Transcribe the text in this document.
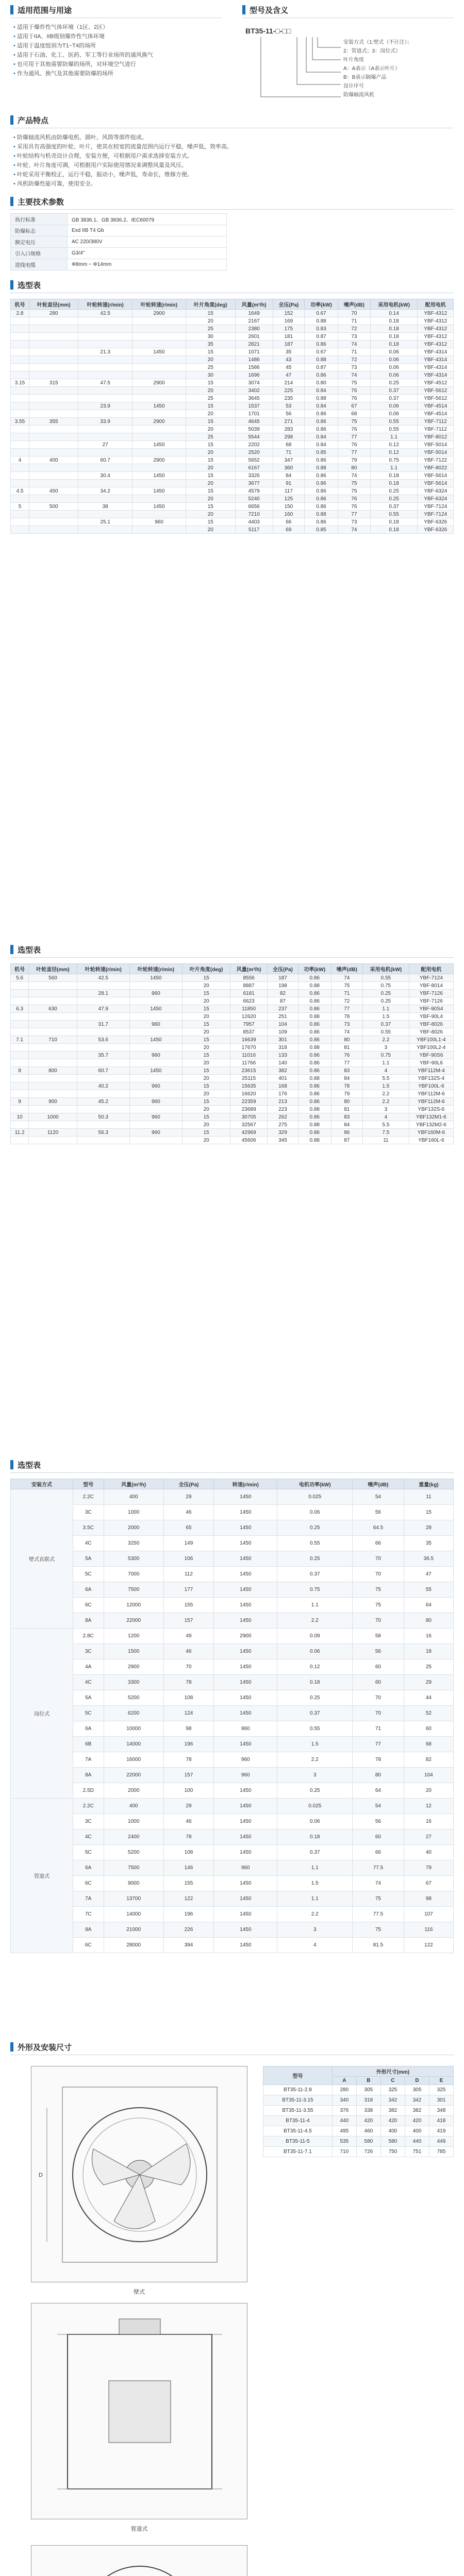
适用范围与用途
• 适用于爆炸性气体环境（1区、2区）
• 适用于IIA、IIB级别爆炸性气体环境
• 适用于温度组别为T1~T4的场所
• 适用于石油、化工、医药、军工等行业场所的通风换气
• 也可用于其他需要防爆的场所，对环境空气进行
• 作为通风、换气及其他需要防爆的场所
型号及含义
BT35-11-□-□□
安装方式（1:壁式（不计注）；
2：管道式；3：岗位式）
叶片角度
A：A表示（A表示叶片）
B：B表示隔爆产品
设计序号
防爆轴流风机
产品特点
• 防爆轴流风机由防爆电机、圆叶、风筒等部件组成。
• 采用具有高强度的叶轮、叶片，使其在较宽的流量范围内运行平稳，噪声低，效率高。
• 叶轮结构与机壳设计合理，安装方便，可根据用户需求选择安装方式。
• 叶轮、叶片角度可调，可根据用户实际使用情况来调整风量及风压。
• 叶轮采用平衡校正，运行平稳，振动小，噪声低，寿命长，维修方便。
• 风机防爆性能可靠，使用安全。
主要技术参数
执行标准	GB 3836.1、GB 3836.2、IEC60079
防爆标志	Exd IIB T4 Gb
额定电压	AC 220/380V
引入口规格	G3/4"
进线电缆	Φ8mm ~ Φ14mm
选型表
机号	叶轮直径(mm)	叶轮转速(r/min)	叶轮转速(r/min)	叶片角度(deg)	风量(m³/h)	全压(Pa)	功率(kW)	噪声(dB)	采用电机(kW)	配用电机
2.8	280	42.5	2900	15	1649	152	0.67	70	0.14	YBF-4312
				20	2167	169	0.88	71	0.18	YBF-4312
				25	2380	175	0.83	72	0.18	YBF-4312
				30	2601	181	0.87	73	0.18	YBF-4312
				35	2821	187	0.86	74	0.18	YBF-4312
		21.3	1450	15	1071	35	0.67	71	0.06	YBF-4314
				20	1486	43	0.88	72	0.06	YBF-4314
				25	1586	45	0.87	73	0.06	YBF-4314
				30	1696	47	0.86	74	0.06	YBF-4314
3.15	315	47.5	2900	15	3074	214	0.80	75	0.25	YBF-4512
				20	3402	225	0.84	76	0.37	YBF-5612
				25	3645	235	0.88	76	0.37	YBF-5612
		23.9	1450	15	1537	53	0.84	67	0.06	YBF-4514
				20	1701	56	0.86	68	0.06	YBF-4514
3.55	355	33.9	2900	15	4645	271	0.86	75	0.55	YBF-7112
				20	5039	283	0.86	76	0.55	YBF-7112
				25	5544	298	0.84	77	1.1	YBF-8012
		27	1450	15	2202	68	0.84	76	0.12	YBF-5014
				20	2520	71	0.85	77	0.12	YBF-5014
4	400	60.7	2900	15	5652	347	0.86	79	0.75	YBF-7122
				20	6167	360	0.88	80	1.1	YBF-8022
		30.4	1450	15	3326	84	0.86	74	0.18	YBF-5614
				20	3677	91	0.86	75	0.18	YBF-5614
4.5	450	34.2	1450	15	4579	117	0.86	75	0.25	YBF-6324
				20	5240	125	0.86	76	0.25	YBF-6324
5	500	38	1450	15	6656	150	0.86	76	0.37	YBF-7124
				20	7210	160	0.88	77	0.55	YBF-7124
		25.1	960	15	4403	66	0.86	73	0.18	YBF-6326
				20	5117	69	0.85	74	0.18	YBF-6326
选型表
机号	叶轮直径(mm)	叶轮转速(r/min)	叶轮转速(r/min)	叶片角度(deg)	风量(m³/h)	全压(Pa)	功率(kW)	噪声(dB)	采用电机(kW)	配用电机
5.6	560	42.5	1450	15	8556	187	0.86	74	0.55	YBF-7124
				20	8887	198	0.88	75	0.75	YBF-8014
		28.1	960	15	6181	82	0.86	71	0.25	YBF-7126
				20	6623	87	0.86	72	0.25	YBF-7126
6.3	630	47.9	1450	15	11850	237	0.86	77	1.1	YBF-90S4
				20	12620	251	0.88	78	1.5	YBF-90L4
		31.7	960	15	7957	104	0.86	73	0.37	YBF-8026
				20	8537	109	0.86	74	0.55	YBF-8026
7.1	710	53.6	1450	15	16639	301	0.86	80	2.2	YBF100L1-4
				20	17670	318	0.88	81	3	YBF100L2-4
		35.7	960	15	11016	133	0.86	76	0.75	YBF-90S6
				20	11766	140	0.86	77	1.1	YBF-90L6
8	800	60.7	1450	15	23615	382	0.86	83	4	YBF112M-4
				20	25115	401	0.88	84	5.5	YBF132S-4
		40.2	960	15	15635	168	0.86	78	1.5	YBF100L-6
				20	16620	176	0.86	79	2.2	YBF112M-6
9	900	45.2	960	15	22359	213	0.86	80	2.2	YBF112M-6
				20	23689	223	0.88	81	3	YBF132S-6
10	1000	50.3	960	15	30705	262	0.86	83	4	YBF132M1-6
				20	32567	275	0.88	84	5.5	YBF132M2-6
11.2	1120	56.3	960	15	42969	329	0.86	86	7.5	YBF160M-6
				20	45606	345	0.88	87	11	YBF160L-6
选型表
安装方式	型号	风量(m³/h)	全压(Pa)	转速(r/min)	电机功率(kW)	噪声(dB)	重量(kg)
壁式直联式	2.2C	400	29	1450	0.025	54	11
	3C	1000	46	1450	0.06	56	15
	3.5C	2000	65	1450	0.25	64.5	28
	4C	3250	149	1450	0.55	66	35
	5A	5300	106	1450	0.25	70	36.5
	5C	7000	112	1450	0.37	70	47
	6A	7500	177	1450	0.75	75	55
	6C	12000	155	1450	1.1	75	64
	8A	22000	157	1450	2.2	70	80
岗位式	2.8C	1200	49	2900	0.09	58	16
	3C	1500	46	1450	0.06	56	18
	4A	2900	70	1450	0.12	60	25
	4C	3300	78	1450	0.18	60	29
	5A	5200	108	1450	0.25	70	44
	5C	6200	124	1450	0.37	70	52
	6A	10000	98	960	0.55	71	60
	6B	14000	196	1450	1.5	77	68
	7A	16000	78	960	2.2	78	82
	8A	22000	157	960	3	80	104
	2.5D	2000	100	1450	0.25	64	20
管道式	2.2C	400	29	1450	0.025	54	12
	3C	1000	46	1450	0.06	56	16
	4C	2400	78	1450	0.18	60	27
	5C	5200	108	1450	0.37	66	40
	6A	7500	146	960	1.1	77.5	79
	6C	9000	155	1450	1.5	74	67
	7A	13700	122	1450	1.1	75	98
	7C	14000	196	1450	2.2	77.5	107
	8A	21000	226	1450	3	75	116
	6C	28000	394	1450	4	81.5	122
外形及安装尺寸
D
壁式
型号	外形尺寸(mm)				
	A	B	C	D	E
BT35-11-2.8	280	305	325	305	325
BT35-11-3.15	340	318	342	342	301
BT35-11-3.55	376	338	382	382	348
BT35-11-4	440	420	420	420	418
BT35-11-4.5	495	460	400	400	419
BT35-11-5	535	580	580	440	449
BT35-11-7.1	710	726	750	751	785
管道式
